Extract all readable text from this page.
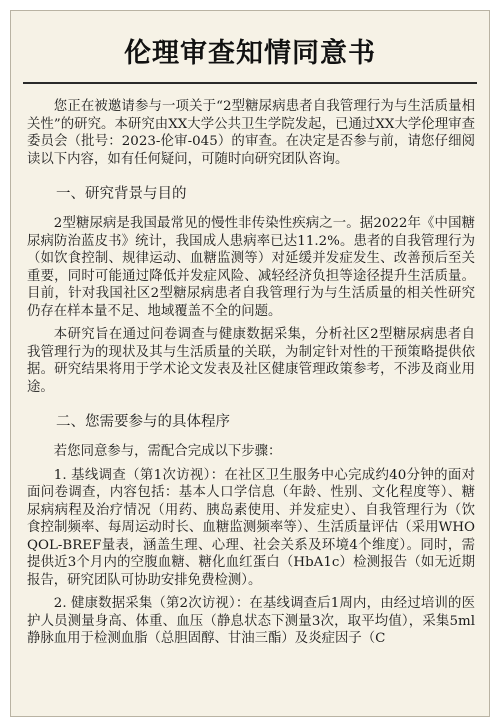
伦理审查知情同意书

您正在被邀请参与一项关于“2型糖尿病患者自我管理行为与生活质量相关性”的研究。本研究由XX大学公共卫生学院发起，已通过XX大学伦理审查委员会（批号：2023-伦审-045）的审查。在决定是否参与前，请您仔细阅读以下内容，如有任何疑问，可随时向研究团队咨询。

一、研究背景与目的

2型糖尿病是我国最常见的慢性非传染性疾病之一。据2022年《中国糖尿病防治蓝皮书》统计，我国成人患病率已达11.2%。患者的自我管理行为（如饮食控制、规律运动、血糖监测等）对延缓并发症发生、改善预后至关重要，同时可能通过降低并发症风险、减轻经济负担等途径提升生活质量。目前，针对我国社区2型糖尿病患者自我管理行为与生活质量的相关性研究仍存在样本量不足、地域覆盖不全的问题。

本研究旨在通过问卷调查与健康数据采集，分析社区2型糖尿病患者自我管理行为的现状及其与生活质量的关联，为制定针对性的干预策略提供依据。研究结果将用于学术论文发表及社区健康管理政策参考，不涉及商业用途。

二、您需要参与的具体程序

若您同意参与，需配合完成以下步骤：

1. 基线调查（第1次访视）：在社区卫生服务中心完成约40分钟的面对面问卷调查，内容包括：基本人口学信息（年龄、性别、文化程度等）、糖尿病病程及治疗情况（用药、胰岛素使用、并发症史）、自我管理行为（饮食控制频率、每周运动时长、血糖监测频率等）、生活质量评估（采用WHOQOL-BREF量表，涵盖生理、心理、社会关系及环境4个维度）。同时，需提供近3个月内的空腹血糖、糖化血红蛋白（HbA1c）检测报告（如无近期报告，研究团队可协助安排免费检测）。

2. 健康数据采集（第2次访视）：在基线调查后1周内，由经过培训的医护人员测量身高、体重、血压（静息状态下测量3次，取平均值），采集5ml静脉血用于检测血脂（总胆固醇、甘油三酯）及炎症因子（C
